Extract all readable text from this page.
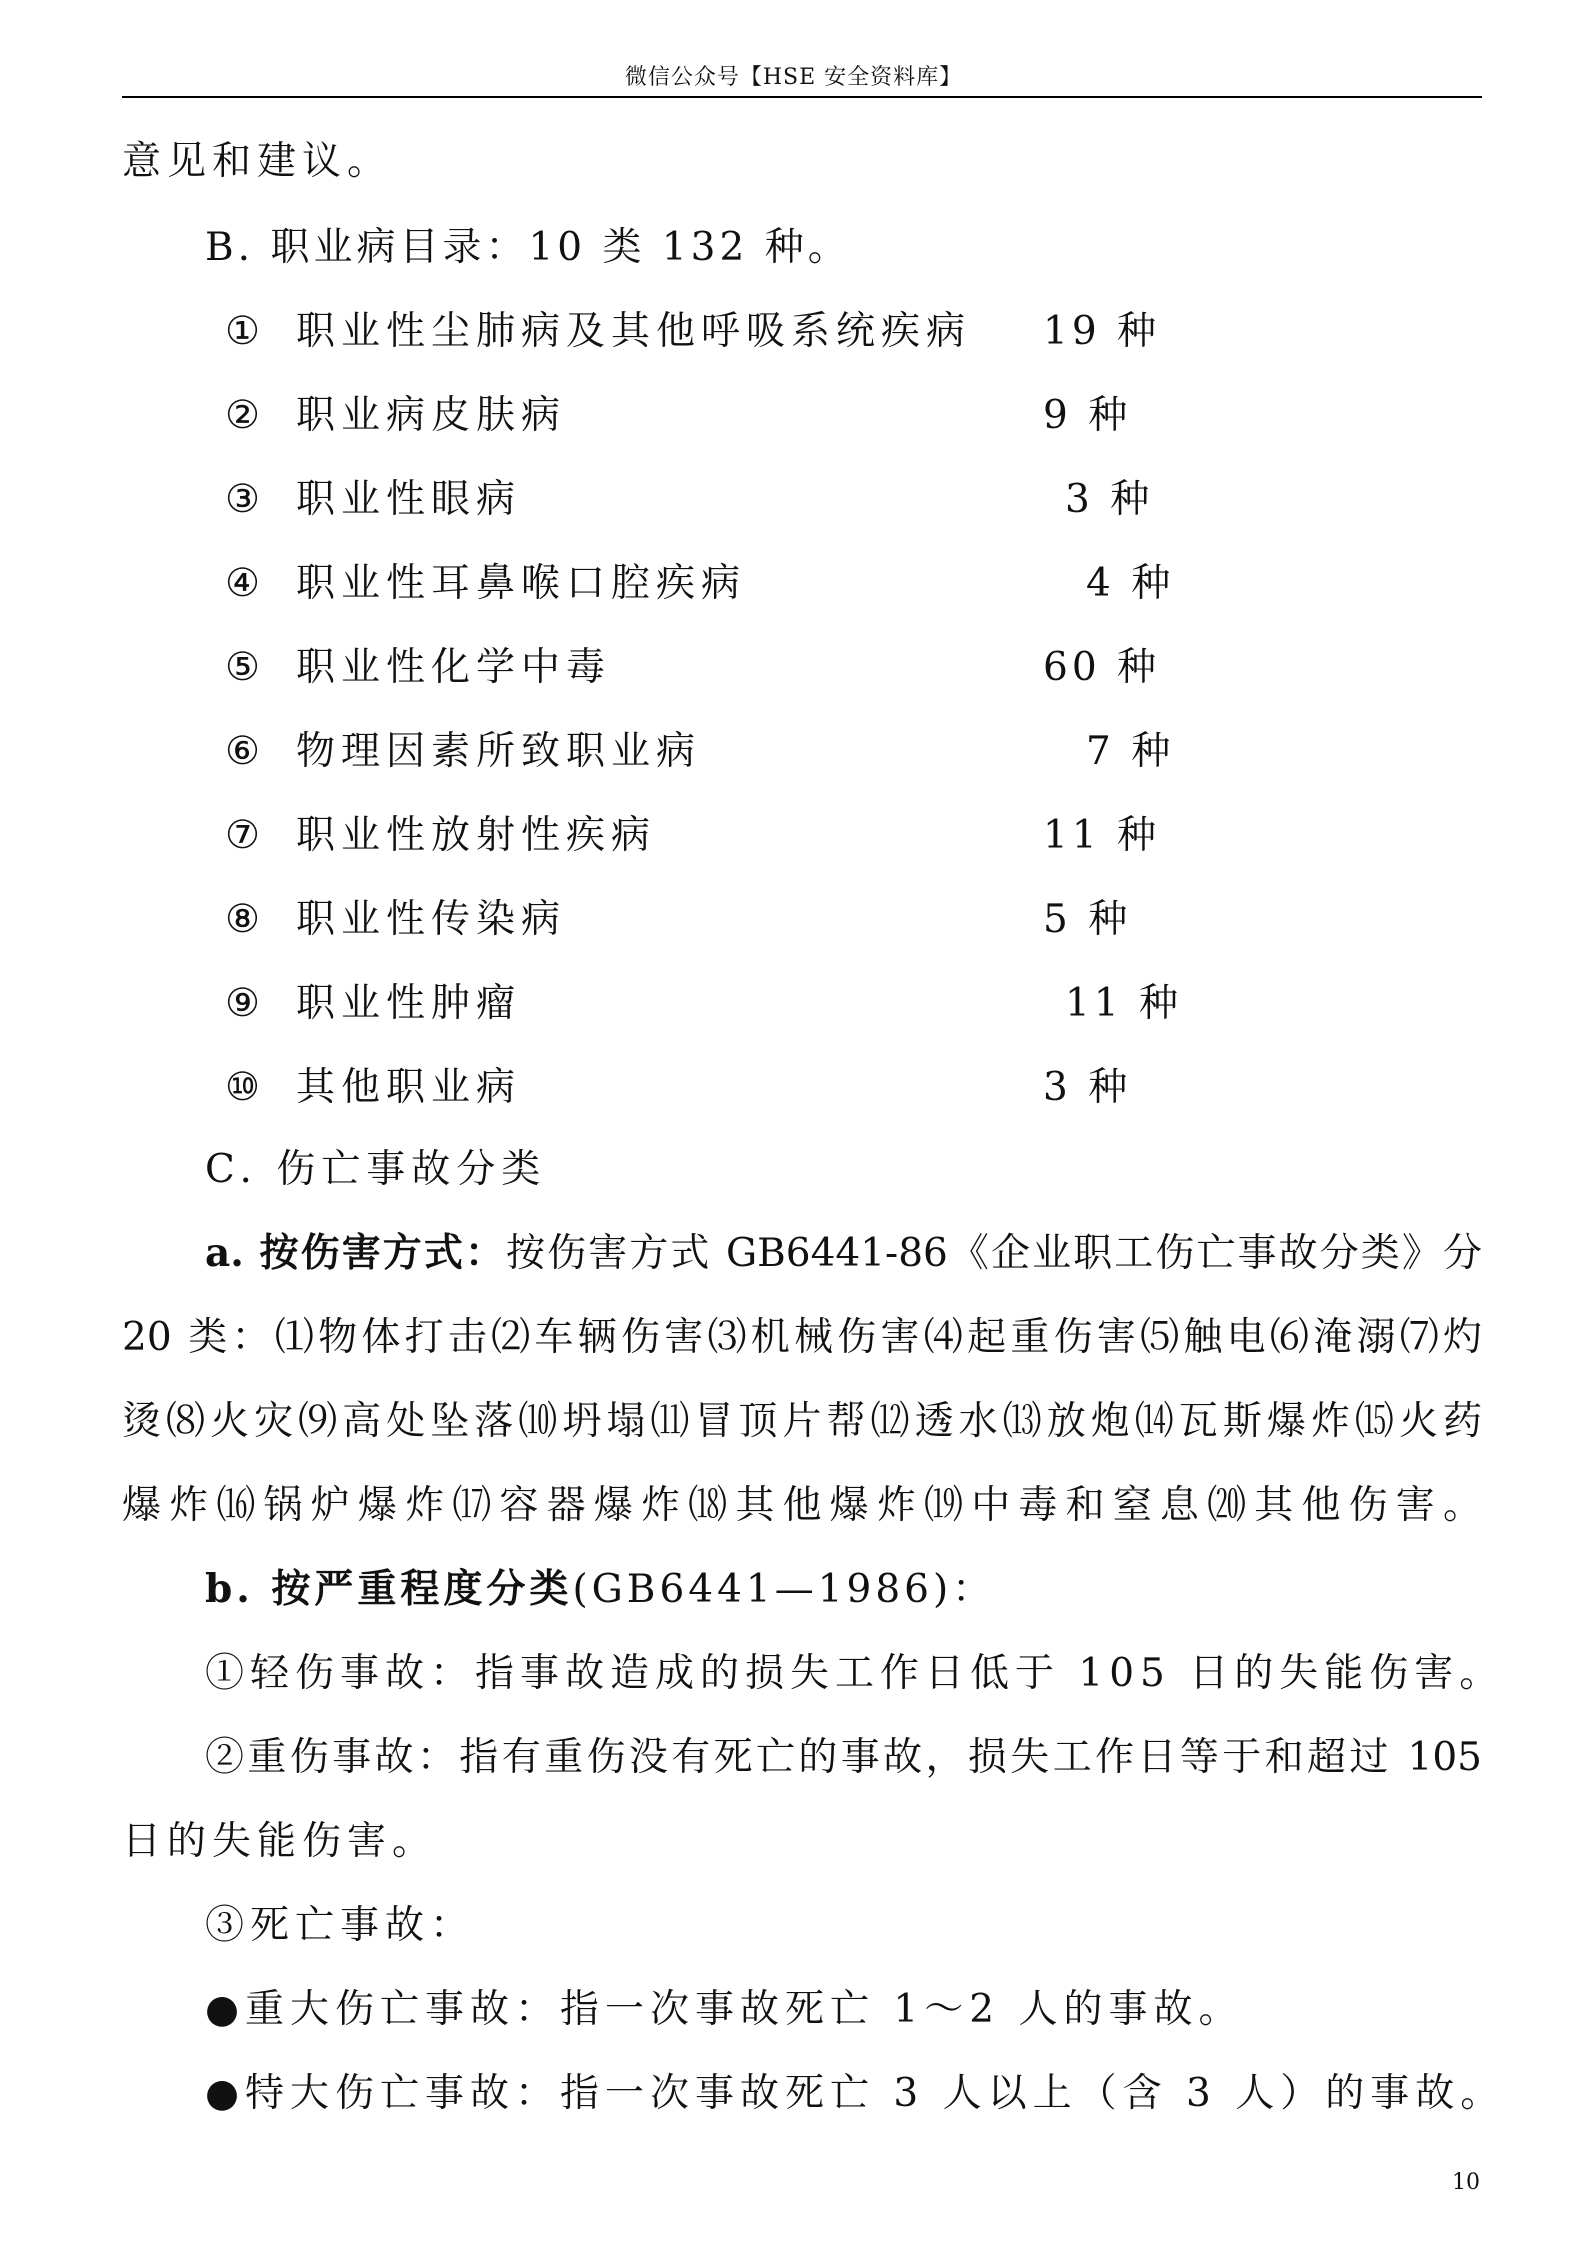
微信公众号【HSE 安全资料库】
意见和建议。
B. 职业病目录：10 类 132 种。
① 职业性尘肺病及其他呼吸系统疾病 19 种
② 职业病皮肤病	9 种
③ 职业性眼病	3 种
④ 职业性耳鼻喉口腔疾病	4 种
⑤ 职业性化学中毒	60 种
⑥ 物理因素所致职业病	7 种
⑦ 职业性放射性疾病	11 种
⑧ 职业性传染病	5 种
⑨ 职业性肿瘤	11 种
⑩ 其他职业病	3 种
C. 伤亡事故分类
a. 按伤害方式：按伤害方式 GB6441-86《企业职工伤亡事故分类》分
20 类：⑴物体打击⑵车辆伤害⑶机械伤害⑷起重伤害⑸触电⑹淹溺⑺灼
烫⑻火灾⑼高处坠落⑽坍塌⑾冒顶片帮⑿透水⒀放炮⒁瓦斯爆炸⒂火药
爆炸⒃锅炉爆炸⒄容器爆炸⒅其他爆炸⒆中毒和窒息⒇其他伤害。
b. 按严重程度分类(GB6441—1986)：
①轻伤事故：指事故造成的损失工作日低于 105 日的失能伤害。
②重伤事故：指有重伤没有死亡的事故，损失工作日等于和超过 105
日的失能伤害。
③死亡事故：
●重大伤亡事故：指一次事故死亡 1～2 人的事故。
●特大伤亡事故：指一次事故死亡 3 人以上（含 3 人）的事故。
10
